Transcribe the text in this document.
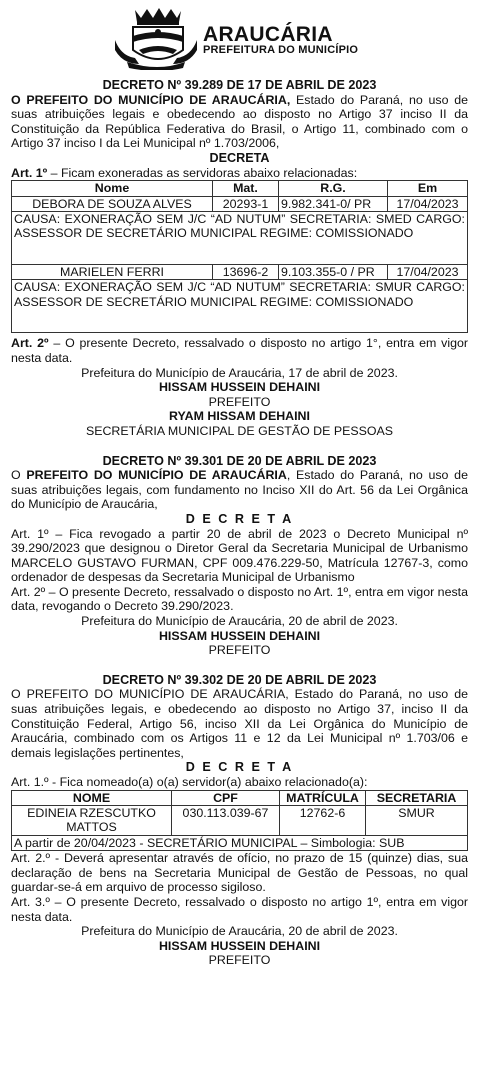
ARAUCÁRIA
PREFEITURA DO MUNICÍPIO

DECRETO Nº 39.289 DE 17 DE ABRIL DE 2023

O PREFEITO DO MUNICÍPIO DE ARAUCÁRIA, Estado do Paraná, no uso de suas atribuições legais e obedecendo ao disposto no Artigo 37 inciso II da Constituição da República Federativa do Brasil, o Artigo 11, combinado com o Artigo 37 inciso I da Lei Municipal nº 1.703/2006,

DECRETA

Art. 1º – Ficam exoneradas as servidoras abaixo relacionadas:

Nome	Mat.	R.G.	Em
DEBORA DE SOUZA ALVES	20293-1	9.982.341-0/ PR	17/04/2023
CAUSA: EXONERAÇÃO SEM J/C “AD NUTUM” SECRETARIA: SMED CARGO: ASSESSOR DE SECRETÁRIO MUNICIPAL REGIME: COMISSIONADO			
MARIELEN FERRI	13696-2	9.103.355-0 / PR	17/04/2023
CAUSA: EXONERAÇÃO SEM J/C “AD NUTUM” SECRETARIA: SMUR CARGO: ASSESSOR DE SECRETÁRIO MUNICIPAL REGIME: COMISSIONADO			

Art. 2º – O presente Decreto, ressalvado o disposto no artigo 1°, entra em vigor nesta data.

Prefeitura do Município de Araucária, 17 de abril de 2023.

HISSAM HUSSEIN DEHAINI

PREFEITO

RYAM HISSAM DEHAINI

SECRETÁRIA MUNICIPAL DE GESTÃO DE PESSOAS

DECRETO Nº 39.301 DE 20 DE ABRIL DE 2023

O PREFEITO DO MUNICÍPIO DE ARAUCÁRIA, Estado do Paraná, no uso de suas atribuições legais, com fundamento no Inciso XII do Art. 56 da Lei Orgânica do Município de Araucária,

D E C R E T A

Art. 1º – Fica revogado a partir 20 de abril de 2023 o Decreto Municipal nº 39.290/2023 que designou o Diretor Geral da Secretaria Municipal de Urbanismo MARCELO GUSTAVO FURMAN, CPF 009.476.229-50, Matrícula 12767-3, como ordenador de despesas da Secretaria Municipal de Urbanismo

Art. 2º – O presente Decreto, ressalvado o disposto no Art. 1º, entra em vigor nesta data, revogando o Decreto 39.290/2023.

Prefeitura do Município de Araucária, 20 de abril de 2023.

HISSAM HUSSEIN DEHAINI

PREFEITO

DECRETO Nº 39.302 DE 20 DE ABRIL DE 2023

O PREFEITO DO MUNICÍPIO DE ARAUCÁRIA, Estado do Paraná, no uso de suas atribuições legais, e obedecendo ao disposto no Artigo 37, inciso II da Constituição Federal, Artigo 56, inciso XII da Lei Orgânica do Município de Araucária, combinado com os Artigos 11 e 12 da Lei Municipal nº 1.703/06 e demais legislações pertinentes,

D E C R E T A

Art. 1.º - Fica nomeado(a) o(a) servidor(a) abaixo relacionado(a):

NOME	CPF	MATRÍCULA	SECRETARIA
EDINEIA RZESCUTKO MATTOS	030.113.039-67	12762-6	SMUR
A partir de 20/04/2023 - SECRETÁRIO MUNICIPAL – Simbologia: SUB			

Art. 2.º - Deverá apresentar através de ofício, no prazo de 15 (quinze) dias, sua declaração de bens na Secretaria Municipal de Gestão de Pessoas, no qual guardar-se-á em arquivo de processo sigiloso.

Art. 3.º – O presente Decreto, ressalvado o disposto no artigo 1º, entra em vigor nesta data.

Prefeitura do Município de Araucária, 20 de abril de 2023.

HISSAM HUSSEIN DEHAINI

PREFEITO
